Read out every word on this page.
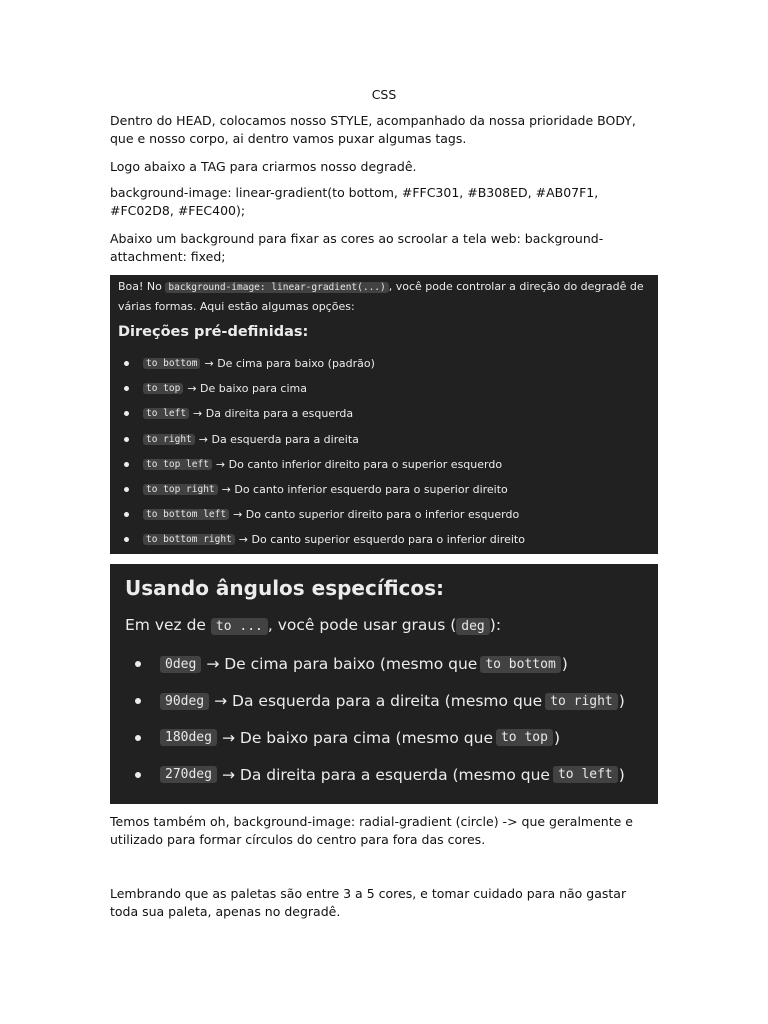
CSS
Dentro do HEAD, colocamos nosso STYLE, acompanhado da nossa prioridade BODY, que e nosso corpo, ai dentro vamos puxar algumas tags.
Logo abaixo a TAG para criarmos nosso degradê.
background-image: linear-gradient(to bottom, #FFC301, #B308ED, #AB07F1, #FC02D8, #FEC400);
Abaixo um background para fixar as cores ao scroolar a tela web: background-attachment: fixed;
Boa! No background-image: linear-gradient(...) , você pode controlar a direção do degradê de várias formas. Aqui estão algumas opções:
Direções pré-definidas:
to bottom → De cima para baixo (padrão)
to top → De baixo para cima
to left → Da direita para a esquerda
to right → Da esquerda para a direita
to top left → Do canto inferior direito para o superior esquerdo
to top right → Do canto inferior esquerdo para o superior direito
to bottom left → Do canto superior direito para o inferior esquerdo
to bottom right → Do canto superior esquerdo para o inferior direito
Usando ângulos específicos:
Em vez de to ... , você pode usar graus ( deg ):
0deg → De cima para baixo (mesmo que to bottom )
90deg → Da esquerda para a direita (mesmo que to right )
180deg → De baixo para cima (mesmo que to top )
270deg → Da direita para a esquerda (mesmo que to left )
Temos também oh, background-image: radial-gradient (circle) -> que geralmente e utilizado para formar círculos do centro para fora das cores.
Lembrando que as paletas são entre 3 a 5 cores, e tomar cuidado para não gastar toda sua paleta, apenas no degradê.
